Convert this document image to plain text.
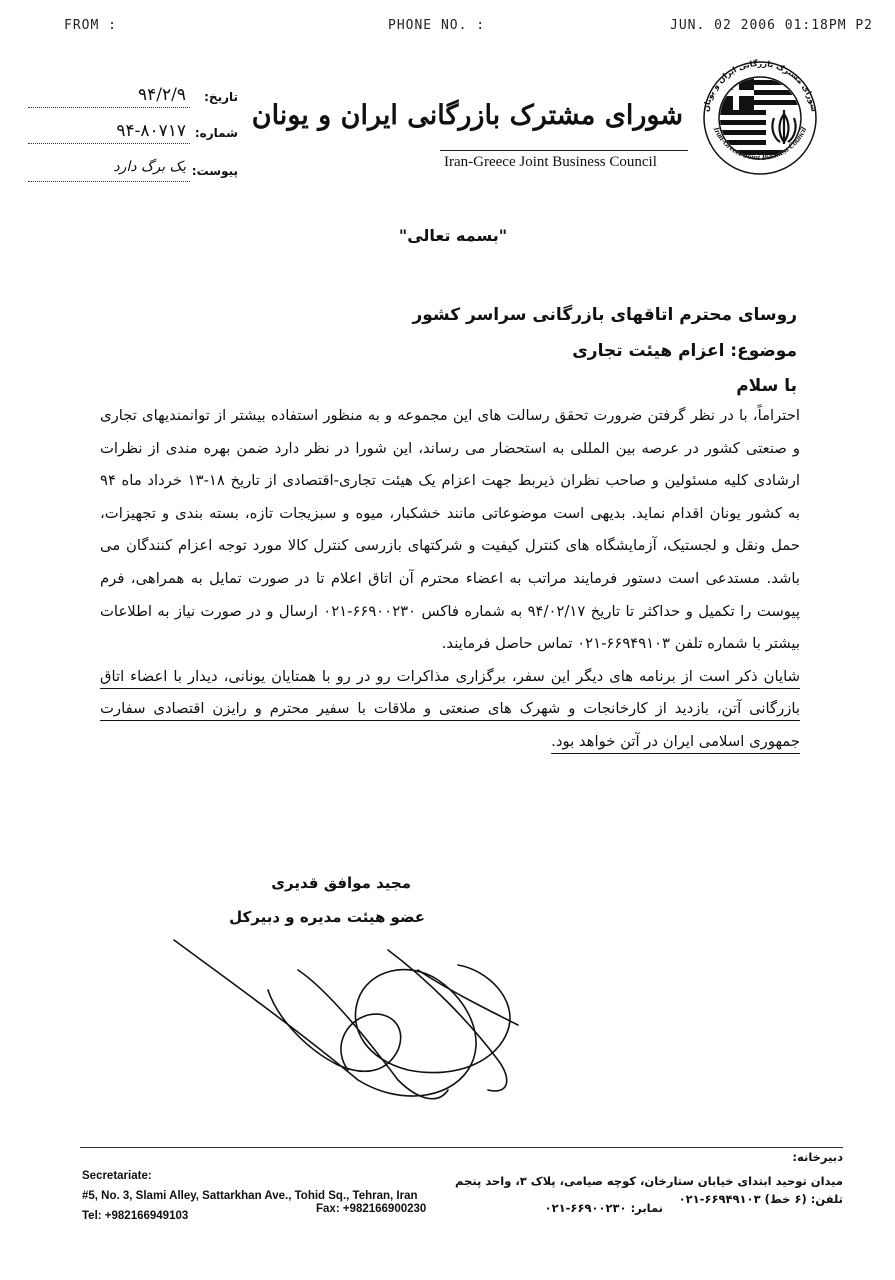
FROM :	PHONE NO. :	JUN. 02 2006 01:18PM P2
تاریخ:
۹۴/۲/۹
شماره:
۹۴-۸۰۷۱۷
پیوست:
یک برگ دارد
شورای مشترک بازرگانی ایران و یونان
Iran-Greece Joint Business Council
شورای مشترک بازرگانی ایران و یونان
Iran-Greece Joint Business Council
"بسمه تعالی"
روسای محترم اتاقهای بازرگانی سراسر کشور
موضوع: اعزام هیئت تجاری
با سلام

احتراماً، با در نظر گرفتن ضرورت تحقق رسالت های این مجموعه و به منظور استفاده بیشتر از توانمندیهای تجاری و صنعتی کشور در عرصه بین المللی به استحضار می رساند، این شورا در نظر دارد ضمن بهره مندی از نظرات ارشادی کلیه مسئولین و صاحب نظران ذیربط جهت اعزام یک هیئت تجاری-اقتصادی از تاریخ ۱۸-۱۳ خرداد ماه ۹۴ به کشور یونان اقدام نماید. بدیهی است موضوعاتی مانند خشکبار، میوه و سبزیجات تازه، بسته بندی و تجهیزات، حمل ونقل و لجستیک، آزمایشگاه های کنترل کیفیت و شرکتهای بازرسی کنترل کالا مورد توجه اعزام کنندگان می باشد. مستدعی است دستور فرمایند مراتب به اعضاء محترم آن اتاق اعلام تا در صورت تمایل به همراهی، فرم پیوست را تکمیل و حداکثر تا تاریخ ۹۴/۰۲/۱۷ به شماره فاکس ۶۶۹۰۰۲۳۰-۰۲۱ ارسال و در صورت نیاز به اطلاعات بیشتر با شماره تلفن ۶۶۹۴۹۱۰۳-۰۲۱ تماس حاصل فرمایند.

شایان ذکر است از برنامه های دیگر این سفر، برگزاری مذاکرات رو در رو با همتایان یونانی، دیدار با اعضاء اتاق بازرگانی آتن، بازدید از کارخانجات و شهرک های صنعتی و ملاقات با سفیر محترم و رایزن اقتصادی سفارت جمهوری اسلامی ایران در آتن خواهد بود.

مجید موافق قدیری
عضو هیئت مدیره و دبیرکل
Secretariate:
#5, No. 3, Slami Alley, Sattarkhan Ave., Tohid Sq., Tehran, Iran
Tel: +982166949103
Fax: +982166900230
دبیرخانه:
میدان توحید ابتدای خیابان ستارخان، کوچه صیامی، پلاک ۳، واحد پنجم
تلفن: (۶ خط) ۶۶۹۴۹۱۰۳-۰۲۱
نمابر: ۶۶۹۰۰۲۳۰-۰۲۱
